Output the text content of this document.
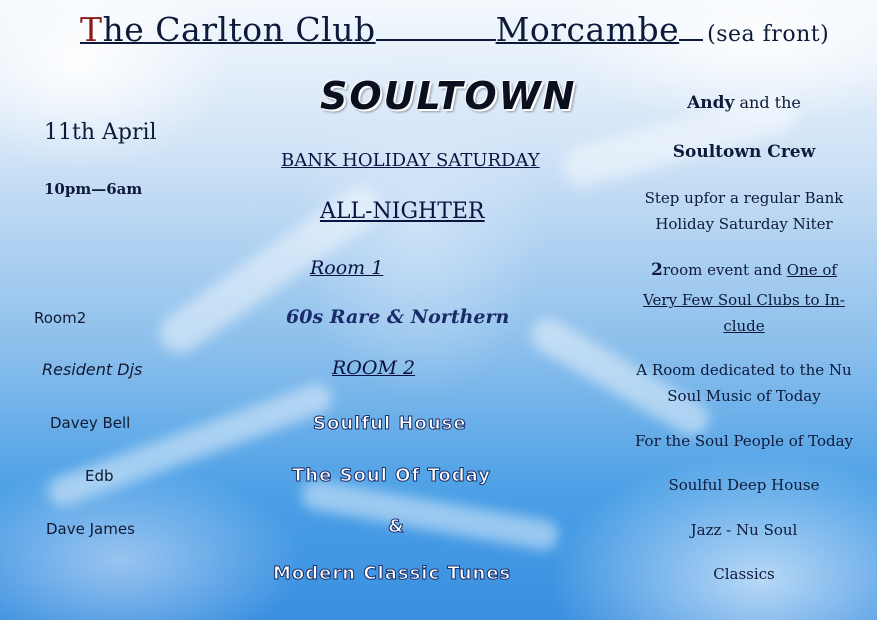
The Carlton Club	Morcambe (sea front)
SOULTOWN
11th April
10pm—6am
Room2
Resident Djs
Davey Bell
Edb
Dave James
BANK HOLIDAY SATURDAY
ALL-NIGHTER
Room 1
60s Rare & Northern
ROOM 2
Soulful House
The Soul Of Today
&
Modern Classic Tunes
Andy and the
Soultown Crew
Step upfor a regular Bank Holiday Saturday Niter
2room event and One of
Very Few Soul Clubs to In-clude
A Room dedicated to the Nu Soul Music of Today
For the Soul People of Today
Soulful Deep House
Jazz - Nu Soul
Classics
